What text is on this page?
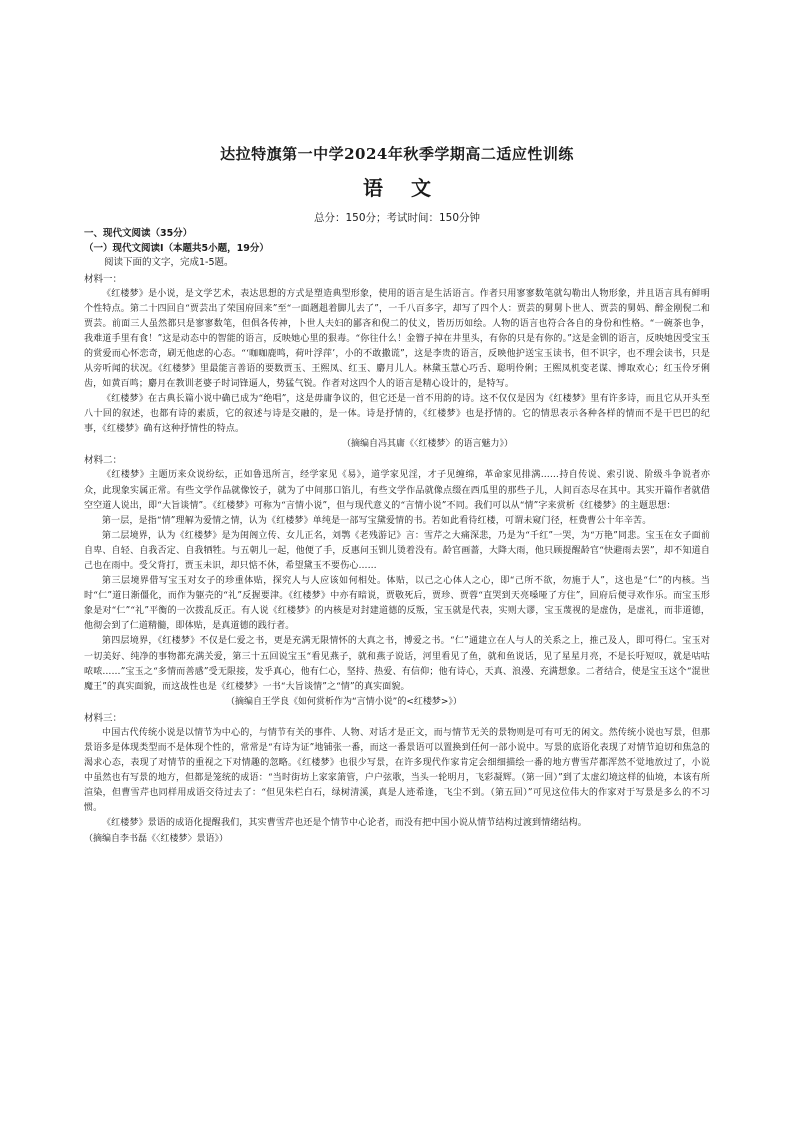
达拉特旗第一中学2024年秋季学期高二适应性训练
语文
总分：150分；考试时间：150分钟
一、现代文阅读（35分）
（一）现代文阅读Ⅰ（本题共5小题，19分）
阅读下面的文字，完成1-5题。
材料一：

《红楼梦》是小说，是文学艺术，表达思想的方式是塑造典型形象，使用的语言是生活语言。作者只用寥寥数笔就勾勒出人物形象，并且语言具有鲜明个性特点。第二十四回自“贾芸出了荣国府回来”至“一面趔趄着脚儿去了”，一千八百多字，却写了四个人：贾芸的舅舅卜世人、贾芸的舅妈、醉金刚倪二和贾芸。前面三人虽然都只是寥寥数笔，但俱各传神，卜世人夫妇的鄙吝和倪二的仗义，皆历历如绘。人物的语言也符合各自的身份和性格。“一碗茶也争，我难道手里有食！”这是动态中的智能的语言，反映她心里的狠毒。“你往什么！金簪子掉在井里头，有你的只是有你的。”这是金钏的语言，反映她因受宝玉的赏爱而心怀恋奇，刷无他虑的心态。“‘咖咖鹿鸣，荷叶浮萍’，小的不敢撒谎”，这是李贵的语言，反映他护送宝玉读书，但不识字，也不理会读书，只是从旁听闻的状况。《红楼梦》里最能言善语的要数贾玉、王熙凤、红玉、麝月儿人。林黛玉慧心巧舌、聪明伶俐；王熙凤机变老谋、博取欢心；红玉伶牙俐齿，如黄百鸣；麝月在教训老婆子时词锋逼人，势猛气锐。作者对这四个人的语言是精心设计的，是特写。

《红楼梦》在古典长篇小说中确已成为“绝唱”，这是毋庸争议的，但它还是一首不用韵的诗。这不仅仅是因为《红楼梦》里有许多诗，而且它从开头至八十回的叙述，也都有诗的素质，它的叙述与诗是交融的，是一体。诗是抒情的，《红楼梦》也是抒情的。它的情思表示各种各样的情而不是干巴巴的纪事，《红楼梦》确有这种抒情性的特点。

（摘编自冯其庸《〈红楼梦〉的语言魅力》）
材料二：

《红楼梦》主题历来众说纷纭，正如鲁迅所言，经学家见《易》，道学家见淫，才子见缠绵，革命家见排满……持自传说、索引说、阶级斗争说者亦众，此现象实属正常。有些文学作品就像饺子，就为了中间那口馅儿，有些文学作品就像点缀在西瓜里的那些子儿，人间百态尽在其中。其实开篇作者就借空空道人说出，即“大旨谈情”。《红楼梦》可称为“言情小说”，但与现代意义的“言情小说”不同。我们可以从“情”字来赏析《红楼梦》的主题思想：

第一层，是指“情”理解为爱情之情，认为《红楼梦》单纯是一部写宝黛爱情的书。若如此看待红楼，可谓未窥门径，枉费曹公十年辛苦。

第二层境界，认为《红楼梦》是为闺阁立传、女儿正名，刘鹗《老残游记》言：雪芹之大痛深悲，乃是为“千红”一哭，为“万艳”同悲。宝玉在女子面前自卑、自轻、自我否定、自我牺牲。与五朝儿一起，他便了手，反惠问玉钏儿烫着没有。龄官画蔷，大降大雨，他只顾提醒龄官“快避雨去罢”，却不知道自己也在雨中。受父背打，贾玉未识，却只惦不休，希望黛玉不要伤心……

第三层境界借写宝玉对女子的珍重体贴，探究人与人应该如何相处。体贴，以己之心体人之心，即“己所不欲，勿施于人”，这也是“仁”的内核。当时“仁”道日渐僵化，而作为躯壳的“礼”反握要津。《红楼梦》中亦有暗说，贾敬死后，贾珍、贾蓉“直哭到天亮嗓哑了方住”，回府后便寻欢作乐。而宝玉形象是对“仁”“礼”平衡的一次拨乱反正。有人说《红楼梦》的内核是对封建道德的反叛，宝玉就是代表，实则大谬，宝玉蔑视的是虚伪，是虚礼，而非道德，他彻会到了仁道精髓，即体贴，是真道德的践行者。

第四层境界，《红楼梦》不仅是仁爱之书，更是充满无限情怀的大真之书，博爱之书。“仁”通建立在人与人的关系之上，推己及人，即可得仁。宝玉对一切美好、纯净的事物都充满关爱，第三十五回说宝玉“看见燕子，就和燕子说话，河里看见了鱼，就和鱼说话，见了星星月亮，不是长吁短叹，就是咕咕哝哝……”宝玉之“多情而善感”受无限接，发乎真心，他有仁心，坚持、热爱、有信仰；他有诗心，天真、浪漫、充满想象。二者结合，使是宝玉这个“混世魔王”的真实面貌，而这战性也是《红楼梦》一书“大旨谈情”之“情”的真实面貌。

（摘编自王学良《如何赏析作为“言情小说”的<红楼梦>》）
材料三：

中国古代传统小说是以情节为中心的，与情节有关的事件、人物、对话才是正文，而与情节无关的景物则是可有可无的闲文。然传统小说也写景，但那景语多是体现类型而不是体现个性的，常常是“有诗为证”地铺张一番，而这一番景语可以置换到任何一部小说中。写景的底语化表现了对情节迫切和焦急的渴求心态，表现了对情节的重视之下对情趣的忽略。《红楼梦》也很少写景，在许多现代作家肯定会细细描绘一番的地方曹雪芹都浑然不觉地放过了，小说中虽然也有写景的地方，但都是笼统的成语：“当时街坊上家家箫管，户户弦歌，当头一轮明月，飞彩凝辉。（第一回）”到了太虚幻境这样的仙境，本该有所渲染，但曹雪芹也同样用成语交待过去了：“但见朱栏白石，绿树清溪，真是人迹希逢，飞尘不到。（第五回）”可见这位伟大的作家对于写景是多么的不习惯。

《红楼梦》景语的成语化提醒我们，其实曹雪芹也还是个情节中心论者，而没有把中国小说从情节结构过渡到情绪结构。

（摘编自李书磊《〈红楼梦〉景语》）
